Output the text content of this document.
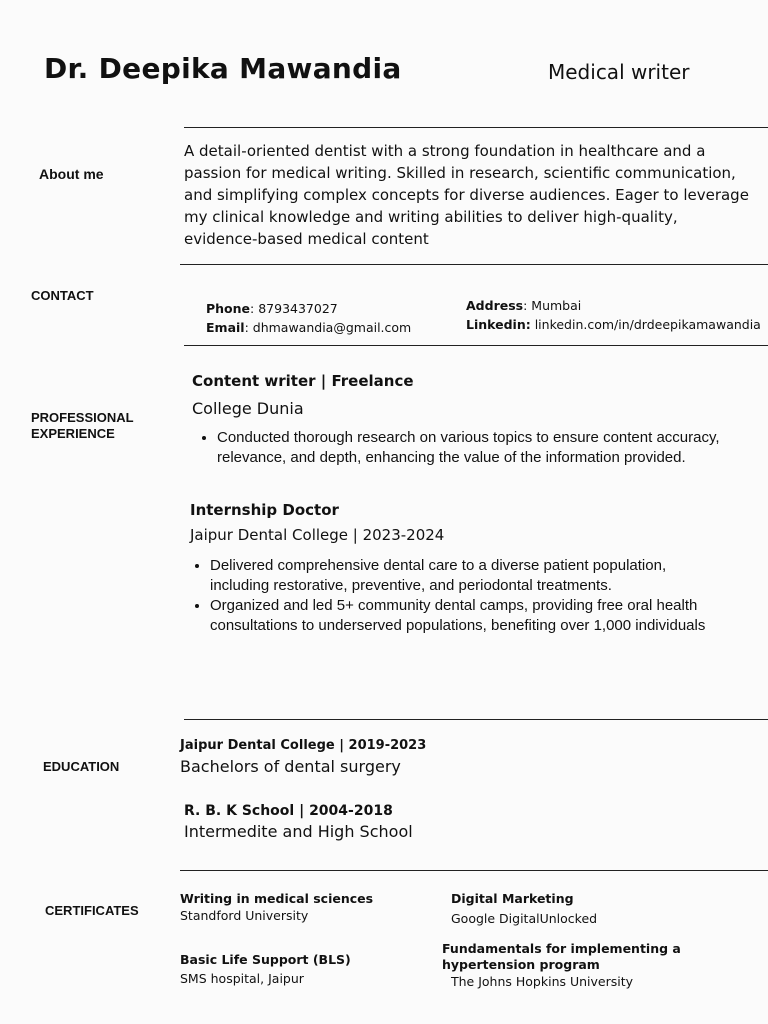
Dr. Deepika Mawandia	Medical writer
About me
A detail-oriented dentist with a strong foundation in healthcare and a passion for medical writing. Skilled in research, scientific communication, and simplifying complex concepts for diverse audiences. Eager to leverage my clinical knowledge and writing abilities to deliver high-quality, evidence-based medical content
CONTACT
Phone: 8793437027
Email: dhmawandia@gmail.com
Address: Mumbai
Linkedin: linkedin.com/in/drdeepikamawandia
PROFESSIONAL
EXPERIENCE
Content writer | Freelance
College Dunia
• Conducted thorough research on various topics to ensure content accuracy, relevance, and depth, enhancing the value of the information provided.
Internship Doctor
Jaipur Dental College | 2023-2024
• Delivered comprehensive dental care to a diverse patient population, including restorative, preventive, and periodontal treatments.
• Organized and led 5+ community dental camps, providing free oral health consultations to underserved populations, benefiting over 1,000 individuals
EDUCATION
Jaipur Dental College | 2019-2023
Bachelors of dental surgery
R. B. K School | 2004-2018
Intermedite and High School
CERTIFICATES
Writing in medical sciences
Standford University
Digital Marketing
Google DigitalUnlocked
Basic Life Support (BLS)
SMS hospital, Jaipur
Fundamentals for implementing a hypertension program
The Johns Hopkins University
